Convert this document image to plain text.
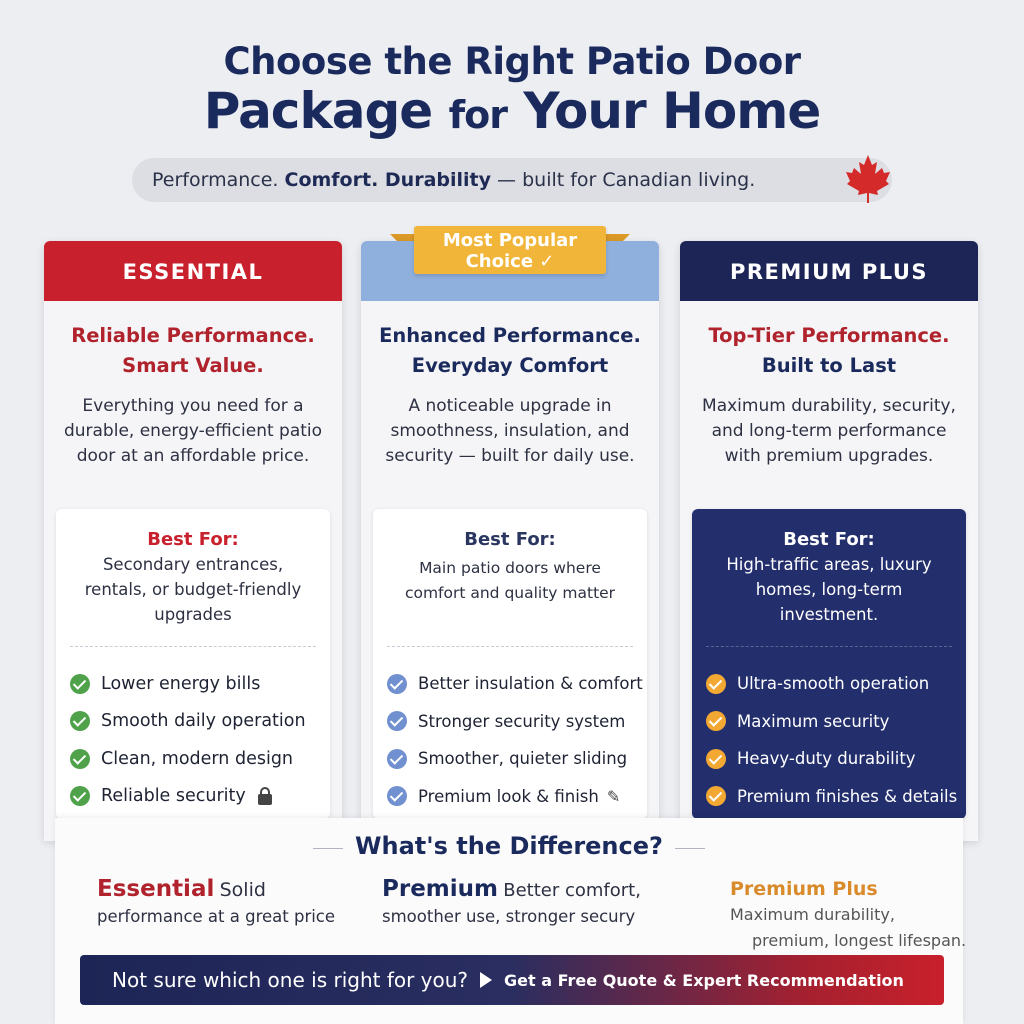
Choose the Right Patio Door
Package for Your Home
Performance. Comfort. Durability — built for Canadian living.
ESSENTIAL
Reliable Performance.
Smart Value.
Everything you need for a durable, energy-efficient patio door at an affordable price.
Best For:
Secondary entrances, rentals, or budget-friendly upgrades
Lower energy bills
Smooth daily operation
Clean, modern design
Reliable security
Enhanced Performance.
Everyday Comfort
A noticeable upgrade in smoothness, insulation, and security — built for daily use.
Best For:
Main patio doors where comfort and quality matter
Better insulation & comfort
Stronger security system
Smoother, quieter sliding
Premium look & finish ✎
Most Popular
Choice ✓	PREMIUM PLUS
Top-Tier Performance.
Built to Last
Maximum durability, security, and long-term performance with premium upgrades.
Best For:
High-traffic areas, luxury homes, long-term investment.
Ultra-smooth operation
Maximum security
Heavy-duty durability
Premium finishes & details
What's the Difference?
Essential Solid
performance at a great price
Premium Better comfort,
smoother use, stronger secury
Premium Plus
Maximum durability,
premium, longest lifespan.
Not sure which one is right for you? Get a Free Quote & Expert Recommendation
